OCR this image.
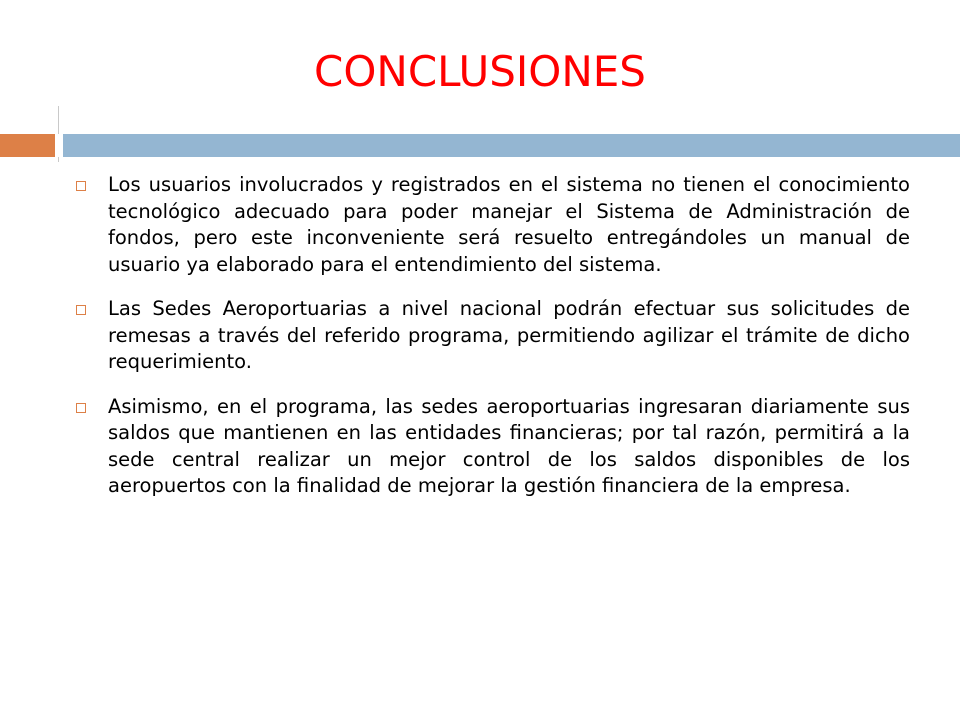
CONCLUSIONES
Los usuarios involucrados y registrados en el sistema no tienen el conocimiento tecnológico adecuado para poder manejar el Sistema de Administración de fondos, pero este inconveniente será resuelto entregándoles un manual de usuario ya elaborado para el entendimiento del sistema.
Las Sedes Aeroportuarias a nivel nacional podrán efectuar sus solicitudes de remesas a través del referido programa, permitiendo agilizar el trámite de dicho requerimiento.
Asimismo, en el programa, las sedes aeroportuarias ingresaran diariamente sus saldos que mantienen en las entidades financieras; por tal razón, permitirá a la sede central realizar un mejor control de los saldos disponibles de los aeropuertos con la finalidad de mejorar la gestión financiera de la empresa.
